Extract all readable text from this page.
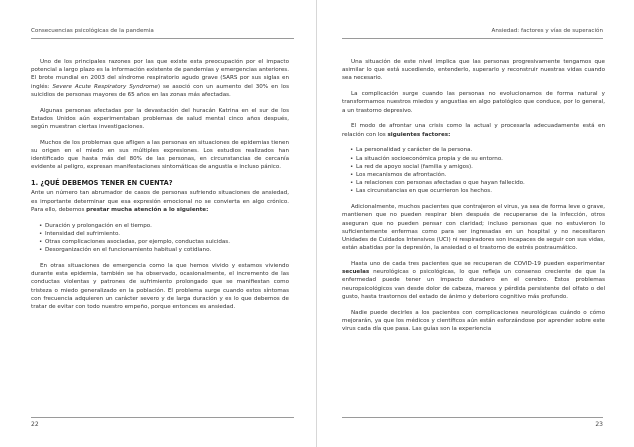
Consecuencias psicológicas de la pandemia

Uno de los principales razones por las que existe esta preocupación por el impacto potencial a largo plazo es la información existente de pandemias y emergencias anteriores. El brote mundial en 2003 del síndrome respiratorio agudo grave (SARS por sus siglas en inglés: Severe Acute Respiratory Syndrome) se asoció con un aumento del 30% en los suicidios de personas mayores de 65 años en las zonas más afectadas.

Algunas personas afectadas por la devastación del huracán Katrina en el sur de los Estados Unidos aún experimentaban problemas de salud mental cinco años después, según muestran ciertas investigaciones.

Muchos de los problemas que afligen a las personas en situaciones de epidemias tienen su origen en el miedo en sus múltiples expresiones. Los estudios realizados han identificado que hasta más del 80% de las personas, en circunstancias de cercanía evidente al peligro, expresan manifestaciones sintomáticas de angustia e incluso pánico.

1. ¿QUÉ DEBEMOS TENER EN CUENTA?

Ante un número tan abrumador de casos de personas sufriendo situaciones de ansiedad, es importante determinar que esa expresión emocional no se convierta en algo crónico. Para ello, debemos prestar mucha atención a lo siguiente:

• Duración y prolongación en el tiempo.
• Intensidad del sufrimiento.
• Otras complicaciones asociadas, por ejemplo, conductas suicidas.
• Desorganización en el funcionamiento habitual y cotidiano.

En otras situaciones de emergencia como la que hemos vivido y estamos viviendo durante esta epidemia, también se ha observado, ocasionalmente, el incremento de las conductas violentas y patrones de sufrimiento prolongado que se manifiestan como tristeza o miedo generalizado en la población. El problema surge cuando estos síntomas con frecuencia adquieren un carácter severo y de larga duración y es lo que debemos de tratar de evitar con todo nuestro empeño, porque entonces es ansiedad.

22
Ansiedad: factores y vías de superación

Una situación de este nivel implica que las personas progresivamente tengamos que asimilar lo que está sucediendo, entenderlo, superarlo y reconstruir nuestras vidas cuando sea necesario.

La complicación surge cuando las personas no evolucionamos de forma natural y transformamos nuestros miedos y angustias en algo patológico que conduce, por lo general, a un trastorno depresivo.

El modo de afrontar una crisis como la actual y procesarla adecuadamente está en relación con los siguientes factores:

• La personalidad y carácter de la persona.
• La situación socioeconómica propia y de su entorno.
• La red de apoyo social (familia y amigos).
• Los mecanismos de afrontación.
• La relaciones con personas afectadas o que hayan fallecido.
• Las circunstancias en que ocurrieron los hechos.

Adicionalmente, muchos pacientes que contrajeron el virus, ya sea de forma leve o grave, mantienen que no pueden respirar bien después de recuperarse de la infección, otros aseguran que no pueden pensar con claridad; incluso personas que no estuvieron lo suficientemente enfermas como para ser ingresadas en un hospital y no necesitaron Unidades de Cuidados Intensivos (UCI) ni respiradores son incapaces de seguir con sus vidas, están abatidas por la depresión, la ansiedad o el trastorno de estrés postraumático.

Hasta uno de cada tres pacientes que se recuperan de COVID-19 pueden experimentar secuelas neurológicas o psicológicas, lo que refleja un consenso creciente de que la enfermedad puede tener un impacto duradero en el cerebro. Estos problemas neuropsicológicos van desde dolor de cabeza, mareos y pérdida persistente del olfato o del gusto, hasta trastornos del estado de ánimo y deterioro cognitivo más profundo.

Nadie puede decirles a los pacientes con complicaciones neurológicas cuándo o cómo mejorarán, ya que los médicos y científicos aún están esforzándose por aprender sobre este virus cada día que pasa. Las guías son la experiencia

23
